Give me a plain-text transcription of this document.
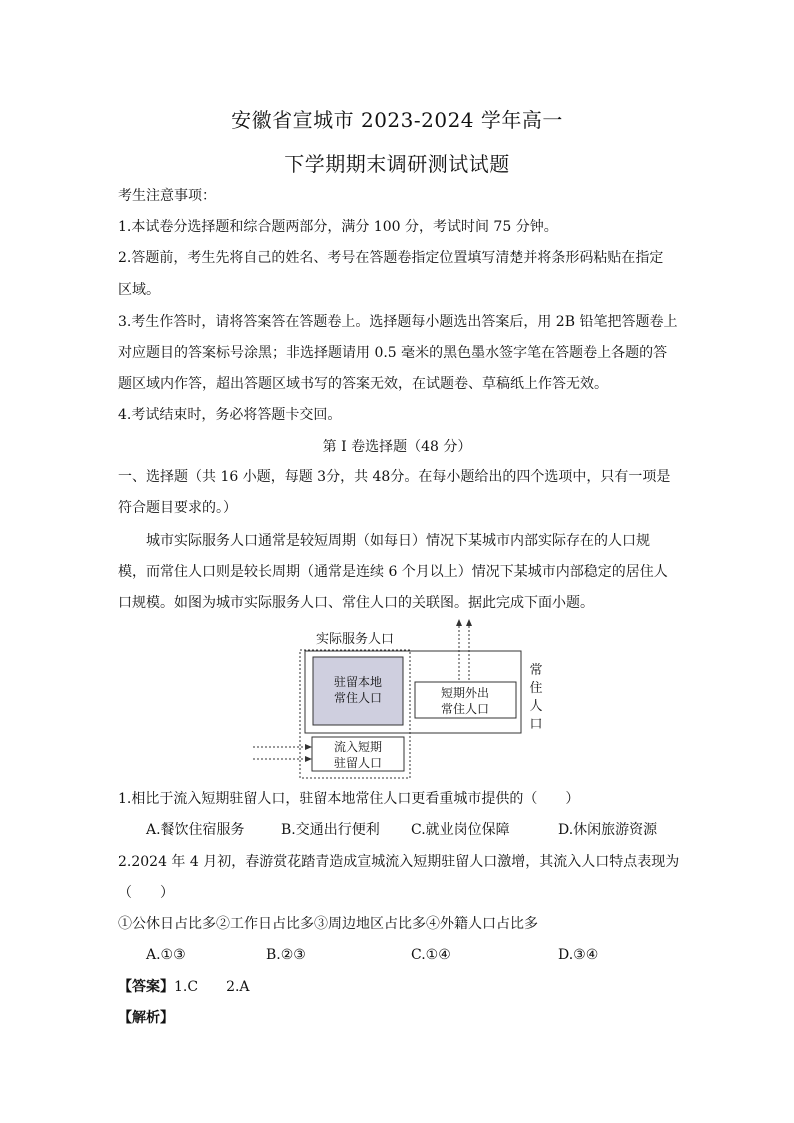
安徽省宣城市 2023-2024 学年高一
下学期期末调研测试试题
考生注意事项：
1.本试卷分选择题和综合题两部分，满分 100 分，考试时间 75 分钟。
2.答题前，考生先将自己的姓名、考号在答题卷指定位置填写清楚并将条形码粘贴在指定
区域。
3.考生作答时，请将答案答在答题卷上。选择题每小题选出答案后，用 2B 铅笔把答题卷上
对应题目的答案标号涂黑；非选择题请用 0.5 毫米的黑色墨水签字笔在答题卷上各题的答
题区域内作答，超出答题区域书写的答案无效，在试题卷、草稿纸上作答无效。
4.考试结束时，务必将答题卡交回。
第 I 卷选择题（48 分）
一、选择题（共 16 小题，每题 3分，共 48分。在每小题给出的四个选项中，只有一项是
符合题目要求的。）
城市实际服务人口通常是较短周期（如每日）情况下某城市内部实际存在的人口规
模，而常住人口则是较长周期（通常是连续 6 个月以上）情况下某城市内部稳定的居住人
口规模。如图为城市实际服务人口、常住人口的关联图。据此完成下面小题。
实际服务人口
驻留本地
常住人口	短期外出
常住人口
流入短期
驻留人口
常
住
人
口
1.相比于流入短期驻留人口，驻留本地常住人口更看重城市提供的（　　）
A.餐饮住宿服务	B.交通出行便利 C.就业岗位保障	D.休闲旅游资源
2.2024 年 4 月初，春游赏花踏青造成宣城流入短期驻留人口激增，其流入人口特点表现为
（　　）
①公休日占比多②工作日占比多③周边地区占比多④外籍人口占比多
A.①③	B.②③	C.①④	D.③④
【答案】1.C　　2.A
【解析】
